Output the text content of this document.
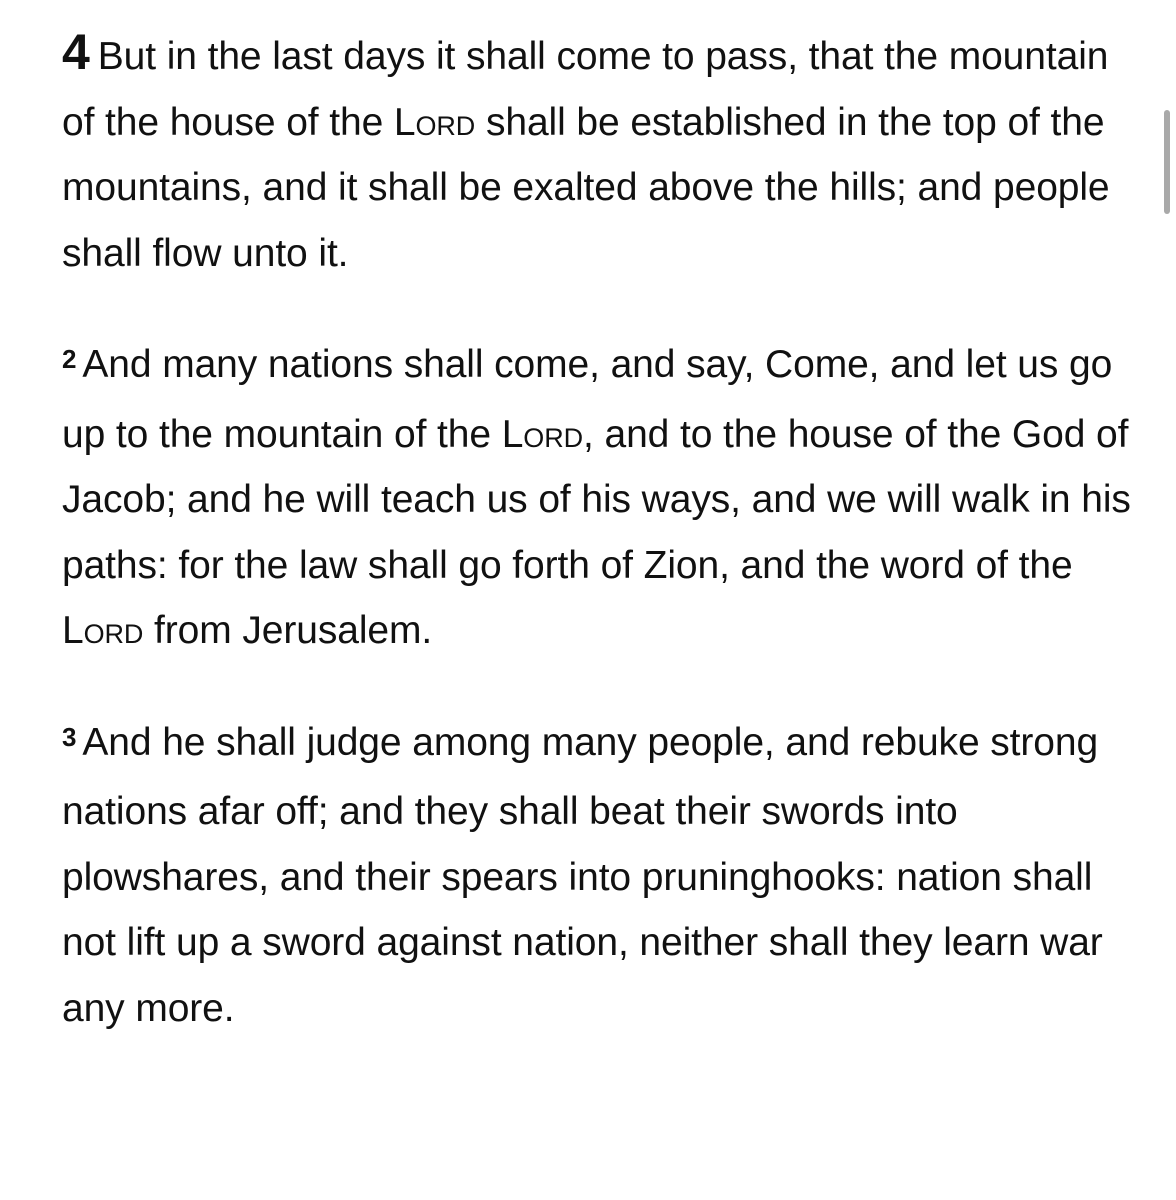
4 But in the last days it shall come to pass, that the mountain of the house of the Lord shall be established in the top of the mountains, and it shall be exalted above the hills; and people shall flow unto it.

$^2$ And many nations shall come, and say, Come, and let us go up to the mountain of the Lord, and to the house of the God of Jacob; and he will teach us of his ways, and we will walk in his paths: for the law shall go forth of Zion, and the word of the Lord from Jerusalem.

$^3$ And he shall judge among many people, and rebuke strong nations afar off; and they shall beat their swords into plowshares, and their spears into pruninghooks: nation shall not lift up a sword against nation, neither shall they learn war any more.
